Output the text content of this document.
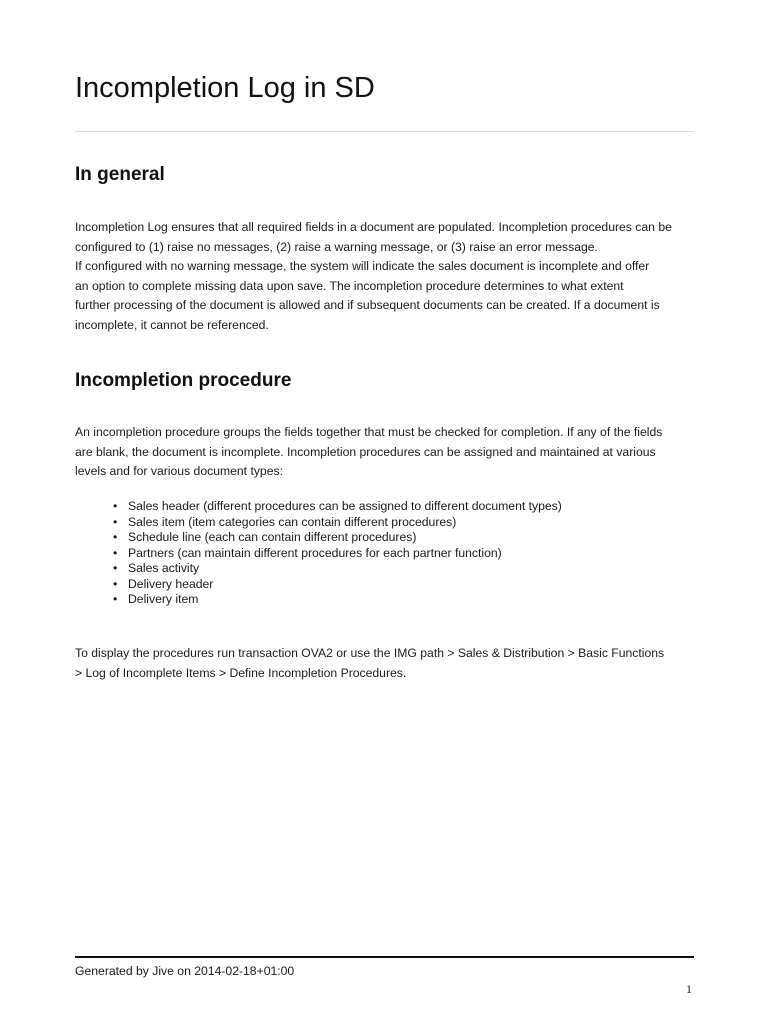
Incompletion Log in SD
In general

Incompletion Log ensures that all required fields in a document are populated. Incompletion procedures can be
configured to (1) raise no messages, (2) raise a warning message, or (3) raise an error message.
If configured with no warning message, the system will indicate the sales document is incomplete and offer
an option to complete missing data upon save. The incompletion procedure determines to what extent
further processing of the document is allowed and if subsequent documents can be created. If a document is
incomplete, it cannot be referenced.

Incompletion procedure

An incompletion procedure groups the fields together that must be checked for completion. If any of the fields
are blank, the document is incomplete. Incompletion procedures can be assigned and maintained at various
levels and for various document types:

• Sales header (different procedures can be assigned to different document types)
• Sales item (item categories can contain different procedures)
• Schedule line (each can contain different procedures)
• Partners (can maintain different procedures for each partner function)
• Sales activity
• Delivery header
• Delivery item

To display the procedures run transaction OVA2 or use the IMG path > Sales & Distribution > Basic Functions
> Log of Incomplete Items > Define Incompletion Procedures.

Generated by Jive on 2014-02-18+01:00
1
